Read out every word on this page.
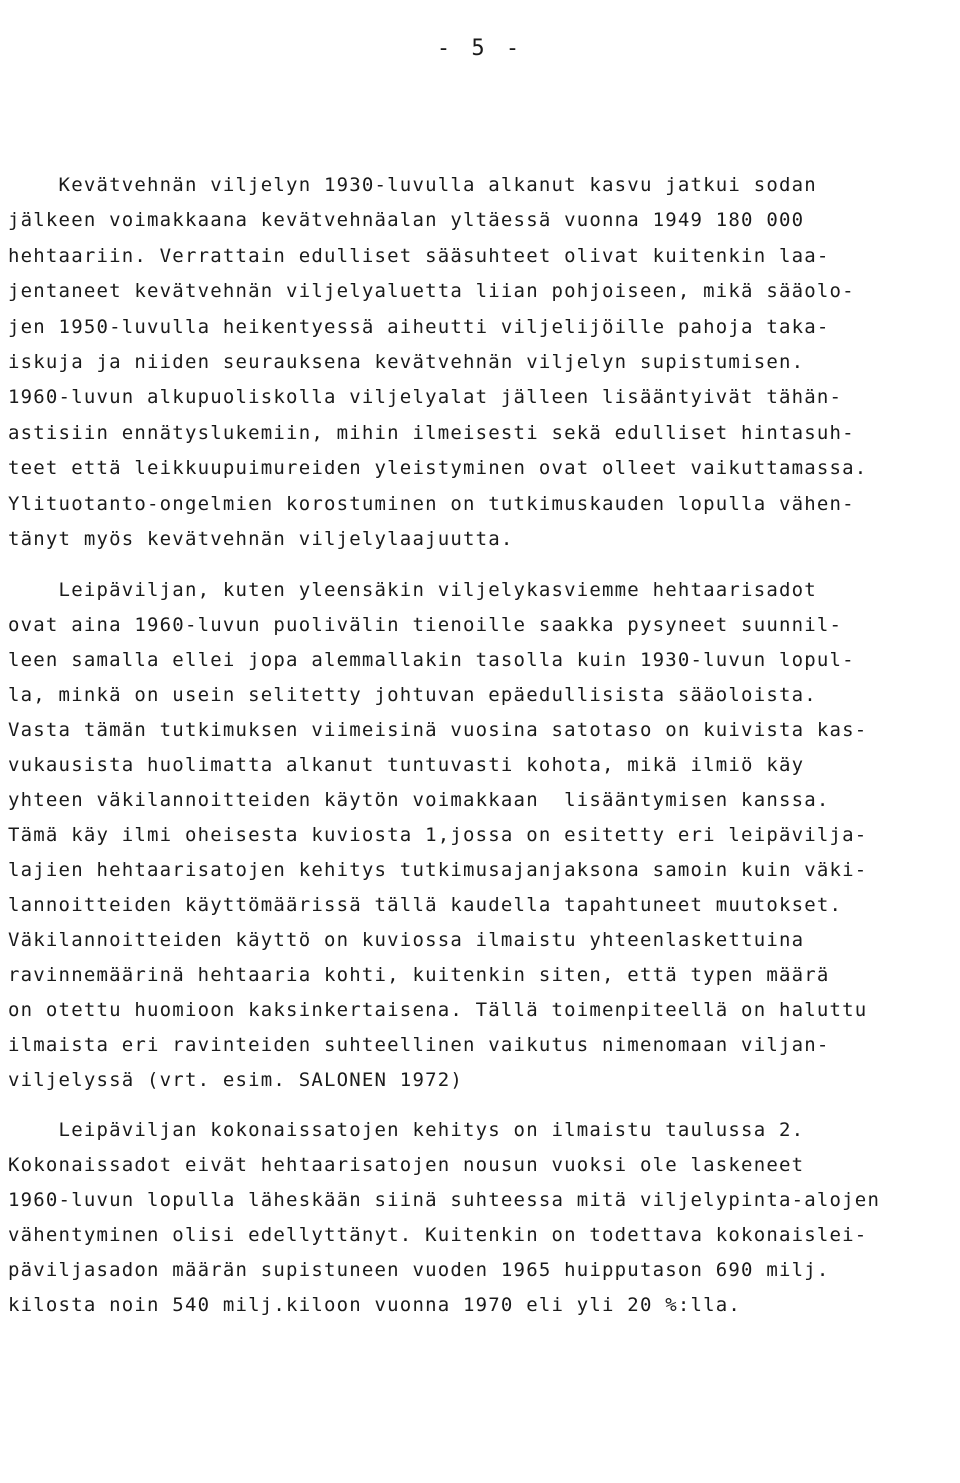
- 5 -
Kevätvehnän viljelyn 1930-luvulla alkanut kasvu jatkui sodan
jälkeen voimakkaana kevätvehnäalan yltäessä vuonna 1949 180 000
hehtaariin. Verrattain edulliset sääsuhteet olivat kuitenkin laa-
jentaneet kevätvehnän viljelyaluetta liian pohjoiseen, mikä sääolo-
jen 1950-luvulla heikentyessä aiheutti viljelijöille pahoja taka-
iskuja ja niiden seurauksena kevätvehnän viljelyn supistumisen.
1960-luvun alkupuoliskolla viljelyalat jälleen lisääntyivät tähän-
astisiin ennätyslukemiin, mihin ilmeisesti sekä edulliset hintasuh-
teet että leikkuupuimureiden yleistyminen ovat olleet vaikuttamassa.
Ylituotanto-ongelmien korostuminen on tutkimuskauden lopulla vähen-
tänyt myös kevätvehnän viljelylaajuutta.
Leipäviljan, kuten yleensäkin viljelykasviemme hehtaarisadot
ovat aina 1960-luvun puolivälin tienoille saakka pysyneet suunnil-
leen samalla ellei jopa alemmallakin tasolla kuin 1930-luvun lopul-
la, minkä on usein selitetty johtuvan epäedullisista sääoloista.
Vasta tämän tutkimuksen viimeisinä vuosina satotaso on kuivista kas-
vukausista huolimatta alkanut tuntuvasti kohota, mikä ilmiö käy
yhteen väkilannoitteiden käytön voimakkaan  lisääntymisen kanssa.
Tämä käy ilmi oheisesta kuviosta 1,jossa on esitetty eri leipävilja-
lajien hehtaarisatojen kehitys tutkimusajanjaksona samoin kuin väki-
lannoitteiden käyttömäärissä tällä kaudella tapahtuneet muutokset.
Väkilannoitteiden käyttö on kuviossa ilmaistu yhteenlaskettuina
ravinnemäärinä hehtaaria kohti, kuitenkin siten, että typen määrä
on otettu huomioon kaksinkertaisena. Tällä toimenpiteellä on haluttu
ilmaista eri ravinteiden suhteellinen vaikutus nimenomaan viljan-
viljelyssä (vrt. esim. SALONEN 1972)
Leipäviljan kokonaissatojen kehitys on ilmaistu taulussa 2.
Kokonaissadot eivät hehtaarisatojen nousun vuoksi ole laskeneet
1960-luvun lopulla läheskään siinä suhteessa mitä viljelypinta-alojen
vähentyminen olisi edellyttänyt. Kuitenkin on todettava kokonaislei-
päviljasadon määrän supistuneen vuoden 1965 huipputason 690 milj.
kilosta noin 540 milj.kiloon vuonna 1970 eli yli 20 %:lla.
